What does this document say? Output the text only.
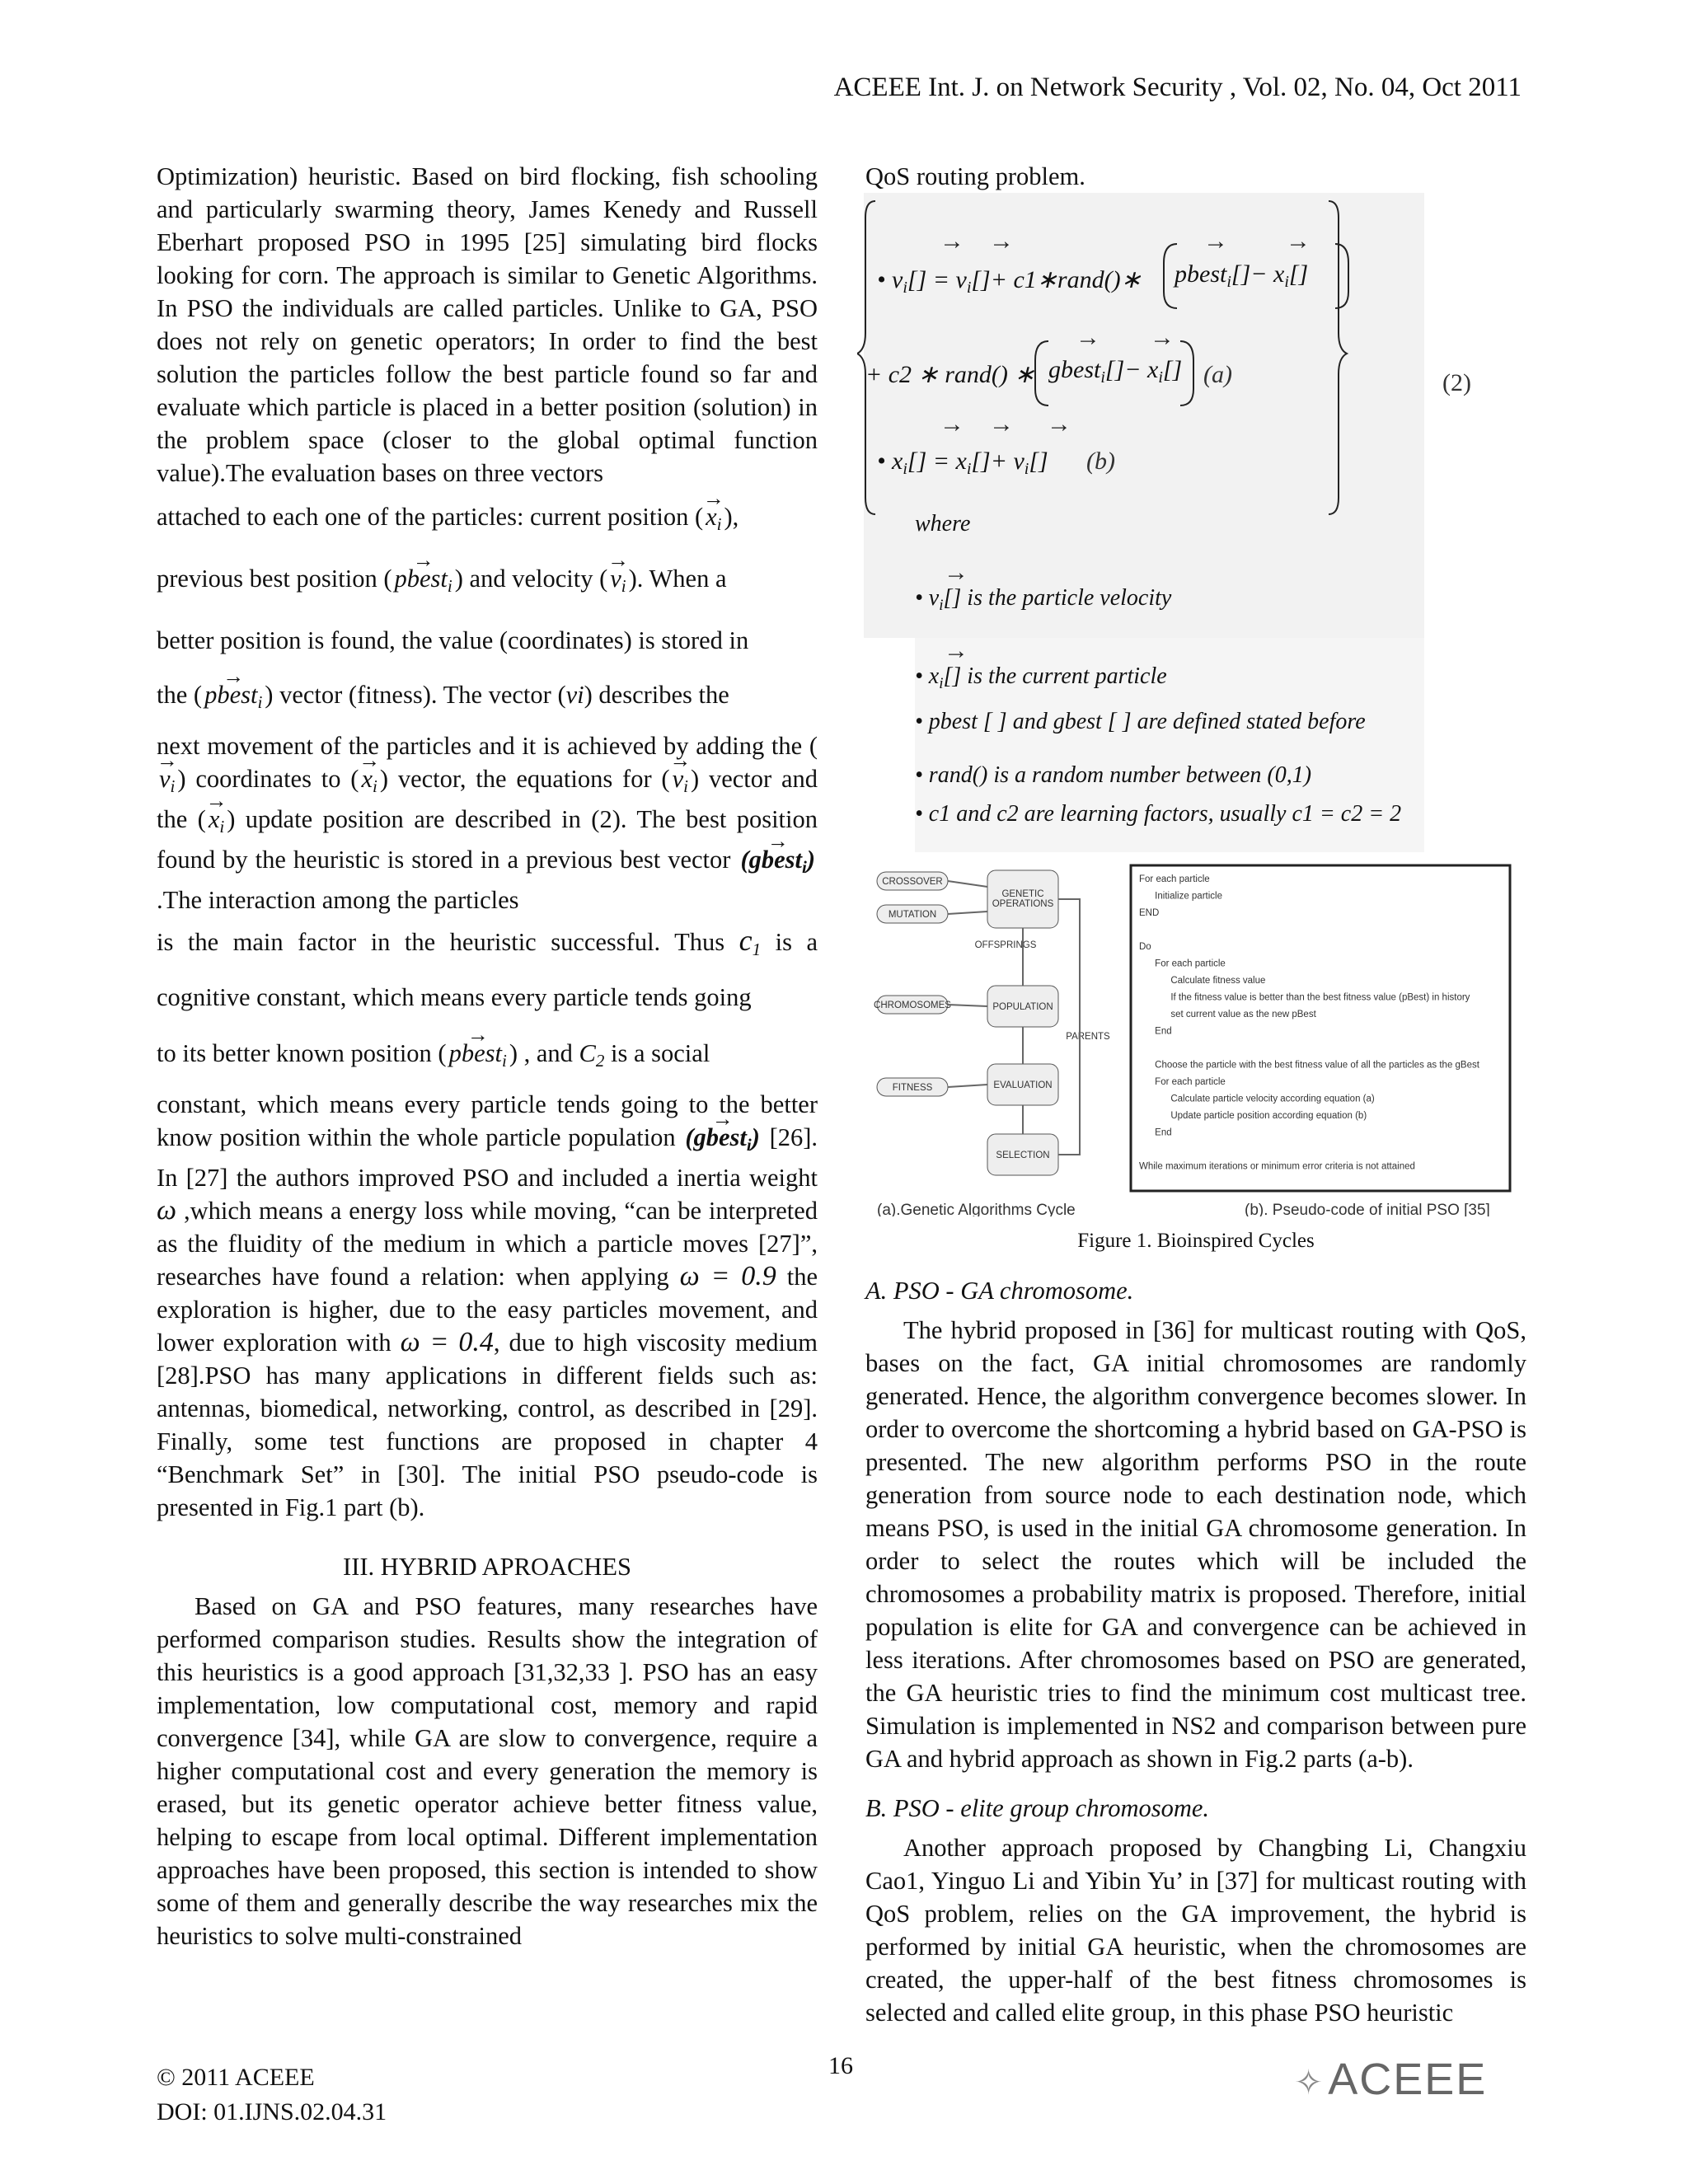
ACEEE Int. J. on Network Security , Vol. 02, No. 04, Oct 2011

Optimization) heuristic. Based on bird flocking, fish schooling and particularly swarming theory, James Kenedy and Russell Eberhart proposed PSO in 1995 [25] simulating bird flocks looking for corn. The approach is similar to Genetic Algorithms. In PSO the individuals are called particles. Unlike to GA, PSO does not rely on genetic operators; In order to find the best solution the particles follow the best particle found so far and evaluate which particle is placed in a better position (solution) in the problem space (closer to the global optimal function value).The evaluation bases on three vectors

attached to each one of the particles: current position (→ $x_i$),

previous best position (→ pbest$_i$) and velocity (→ $v_i$). When a

better position is found, the value (coordinates) is stored in

the (→ pbest$_i$) vector (fitness). The vector (vi) describes the

next movement of the particles and it is achieved by adding the (→ $v_i$) coordinates to (→ $x_i$) vector, the equations for (→ $v_i$) vector and the (→ $x_i$) update position are described in (2). The best position found by the heuristic is stored in a previous best vector → (gbest$_i$) .The interaction among the particles

is the main factor in the heuristic successful. Thus $c_1$ is a cognitive constant, which means every particle tends going

to its better known position (→ pbest$_i$) , and $C_2$ is a social

constant, which means every particle tends going to the better know position within the whole particle population → (gbest$_i$) [26]. In [27] the authors improved PSO and included a inertia weight ω ,which means a energy loss while moving, “can be interpreted as the fluidity of the medium in which a particle moves [27]”, researches have found a relation: when applying ω = 0.9 the exploration is higher, due to the easy particles movement, and lower exploration with ω = 0.4, due to high viscosity medium [28].PSO has many applications in different fields such as: antennas, biomedical, networking, control, as described in [29]. Finally, some test functions are proposed in chapter 4 “Benchmark Set” in [30]. The initial PSO pseudo-code is presented in Fig.1 part (b).

III. HYBRID APROACHES

Based on GA and PSO features, many researches have performed comparison studies. Results show the integration of this heuristics is a good approach [31,32,33 ]. PSO has an easy implementation, low computational cost, memory and rapid convergence [34], while GA are slow to convergence, require a higher computational cost and every generation the memory is erased, but its genetic operator achieve better fitness value, helping to escape from local optimal. Different implementation approaches have been proposed, this section is intended to show some of them and generally describe the way researches mix the heuristics to solve multi-constrained

QoS routing problem.

• $v_i[] = v_i[]+$ c1∗rand()∗ pbest$_i$[]− $x_i[]$
+ c2 ∗ rand() ∗ gbest$_i$[]− $x_i[]$ (a)
• $x_i[] = x_i[]+ v_i[]$ (b)
→ →	→ →
→ →
→ → →
→
→
(2)
where
• $v_i[]$ is the particle velocity
• $x_i[]$ is the current particle
• pbest [ ] and gbest [ ] are defined stated before
• rand() is a random number between (0,1)
• c1 and c2 are learning factors, usually c1 = c2 = 2
CROSSOVER
MUTATION
CHROMOSOMES
FITNESS
GENETIC
OPERATIONS
OFFSPRINGS
POPULATION
PARENTS
EVALUATION
SELECTION
For each particle
Initialize particle
END
Do
For each particle
Calculate fitness value
If the fitness value is better than the best fitness value (pBest) in history
set current value as the new pBest
End
Choose the particle with the best fitness value of all the particles as the gBest
For each particle
Calculate particle velocity according equation (a)
Update particle position according equation (b)
End
While maximum iterations or minimum error criteria is not attained
(a).Genetic Algorithms Cycle	(b). Pseudo-code of initial PSO [35]

Figure 1. Bioinspired Cycles

A. PSO - GA chromosome.

The hybrid proposed in [36] for multicast routing with QoS, bases on the fact, GA initial chromosomes are randomly generated. Hence, the algorithm convergence becomes slower. In order to overcome the shortcoming a hybrid based on GA-PSO is presented. The new algorithm performs PSO in the route generation from source node to each destination node, which means PSO, is used in the initial GA chromosome generation. In order to select the routes which will be included the chromosomes a probability matrix is proposed. Therefore, initial population is elite for GA and convergence can be achieved in less iterations. After chromosomes based on PSO are generated, the GA heuristic tries to find the minimum cost multicast tree. Simulation is implemented in NS2 and comparison between pure GA and hybrid approach as shown in Fig.2 parts (a-b).

B. PSO - elite group chromosome.

Another approach proposed by Changbing Li, Changxiu Cao1, Yinguo Li and Yibin Yu’ in [37] for multicast routing with QoS problem, relies on the GA improvement, the hybrid is performed by initial GA heuristic, when the chromosomes are created, the upper-half of the best fitness chromosomes is selected and called elite group, in this phase PSO heuristic

© 2011 ACEEE
DOI: 01.IJNS.02.04.31
16	✧ACEEE
